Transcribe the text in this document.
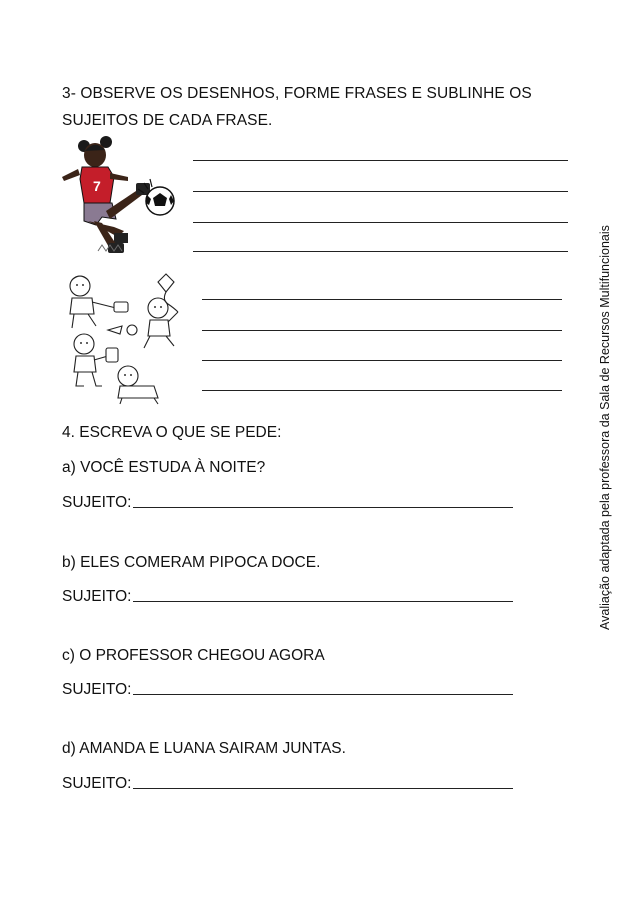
3- OBSERVE OS DESENHOS, FORME FRASES E SUBLINHE OS SUJEITOS DE CADA FRASE.

7
Avaliação adaptada pela professora da Sala de Recursos Multifuncionais

4. ESCREVA O QUE SE PEDE:

a) VOCÊ ESTUDA À NOITE?

SUJEITO:

b) ELES COMERAM PIPOCA DOCE.

SUJEITO:

c) O PROFESSOR CHEGOU AGORA

SUJEITO:

d) AMANDA E LUANA SAIRAM JUNTAS.

SUJEITO:
